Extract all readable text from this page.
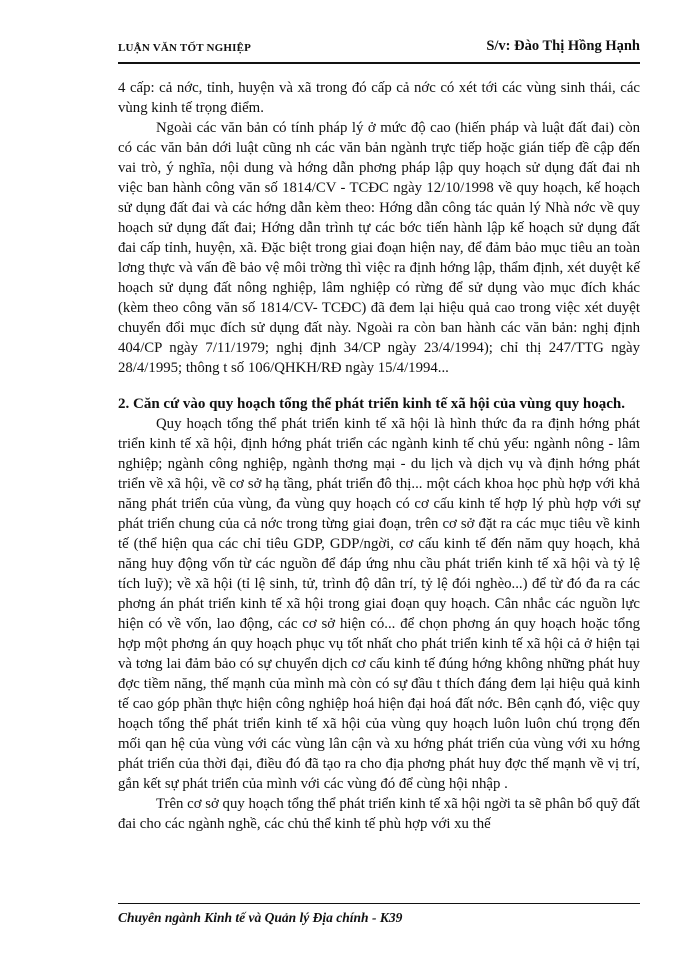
LUẬN VĂN TỐT NGHIỆP	S/v: Đào Thị Hồng Hạnh

4 cấp: cả nớc, tỉnh, huyện và xã trong đó cấp cả nớc có xét tới các vùng sinh thái, các vùng kinh tế trọng điểm.

Ngoài các văn bản có tính pháp lý ở mức độ cao (hiến pháp và luật đất đai) còn có các văn bản dới luật cũng nh các văn bản ngành trực tiếp hoặc gián tiếp đề cập đến vai trò, ý nghĩa, nội dung và hớng dẫn phơng pháp lập quy hoạch sử dụng đất đai nh việc ban hành công văn số 1814/CV - TCĐC ngày 12/10/1998 về quy hoạch, kế hoạch sử dụng đất đai và các hớng dẫn kèm theo: Hớng dẫn công tác quản lý Nhà nớc về quy hoạch sử dụng đất đai; Hớng dẫn trình tự các bớc tiến hành lập kế hoạch sử dụng đất đai cấp tỉnh, huyện, xã. Đặc biệt trong giai đoạn hiện nay, để đảm bảo mục tiêu an toàn lơng thực và vấn đề bảo vệ môi trờng thì việc ra định hớng lập, thẩm định, xét duyệt kế hoạch sử dụng đất nông nghiệp, lâm nghiệp có rừng để sử dụng vào mục đích khác (kèm theo công văn số 1814/CV- TCĐC) đã đem lại hiệu quả cao trong việc xét duyệt chuyển đổi mục đích sử dụng đất này. Ngoài ra còn ban hành các văn bản: nghị định 404/CP ngày 7/11/1979; nghị định 34/CP ngày 23/4/1994); chỉ thị 247/TTG ngày 28/4/1995; thông t số 106/QHKH/RĐ ngày 15/4/1994...

2. Căn cứ vào quy hoạch tổng thể phát triển kinh tế xã hội của vùng quy hoạch.

Quy hoạch tổng thể phát triển kinh tế xã hội là hình thức đa ra định hớng phát triển kinh tế xã hội, định hớng phát triển các ngành kinh tế chủ yếu: ngành nông - lâm nghiệp; ngành công nghiệp, ngành thơng mại - du lịch và dịch vụ và định hớng phát triển về xã hội, về cơ sở hạ tầng, phát triển đô thị... một cách khoa học phù hợp với khả năng phát triển của vùng, đa vùng quy hoạch có cơ cấu kinh tế hợp lý phù hợp với sự phát triển chung của cả nớc trong từng giai đoạn, trên cơ sở đặt ra các mục tiêu về kinh tế (thể hiện qua các chỉ tiêu GDP, GDP/ngời, cơ cấu kinh tế đến năm quy hoạch, khả năng huy động vốn từ các nguồn để đáp ứng nhu cầu phát triển kinh tế xã hội và tỷ lệ tích luỹ); về xã hội (tỉ lệ sinh, tử, trình độ dân trí, tỷ lệ đói nghèo...) để từ đó đa ra các phơng án phát triển kinh tế xã hội trong giai đoạn quy hoạch. Cân nhắc các nguồn lực hiện có về vốn, lao động, các cơ sở hiện có... để chọn phơng án quy hoạch hoặc tổng hợp một phơng án quy hoạch phục vụ tốt nhất cho phát triển kinh tế xã hội cả ở hiện tại và tơng lai đảm bảo có sự chuyển dịch cơ cấu kinh tế đúng hớng không những phát huy đợc tiềm năng, thế mạnh của mình mà còn có sự đầu t thích đáng đem lại hiệu quả kinh tế cao góp phần thực hiện công nghiệp hoá hiện đại hoá đất nớc. Bên cạnh đó, việc quy hoạch tổng thể phát triển kinh tế xã hội của vùng quy hoạch luôn luôn chú trọng đến mối qan hệ của vùng với các vùng lân cận và xu hớng phát triển của vùng với xu hớng phát triển của thời đại, điều đó đã tạo ra cho địa phơng phát huy đợc thế mạnh về vị trí, gắn kết sự phát triển của mình với các vùng đó để cùng hội nhập .

Trên cơ sở quy hoạch tổng thể phát triển kinh tế xã hội ngời ta sẽ phân bổ quỹ đất đai cho các ngành nghề, các chủ thể kinh tế phù hợp với xu thế

Chuyên ngành Kinh tế và Quản lý Địa chính - K39
